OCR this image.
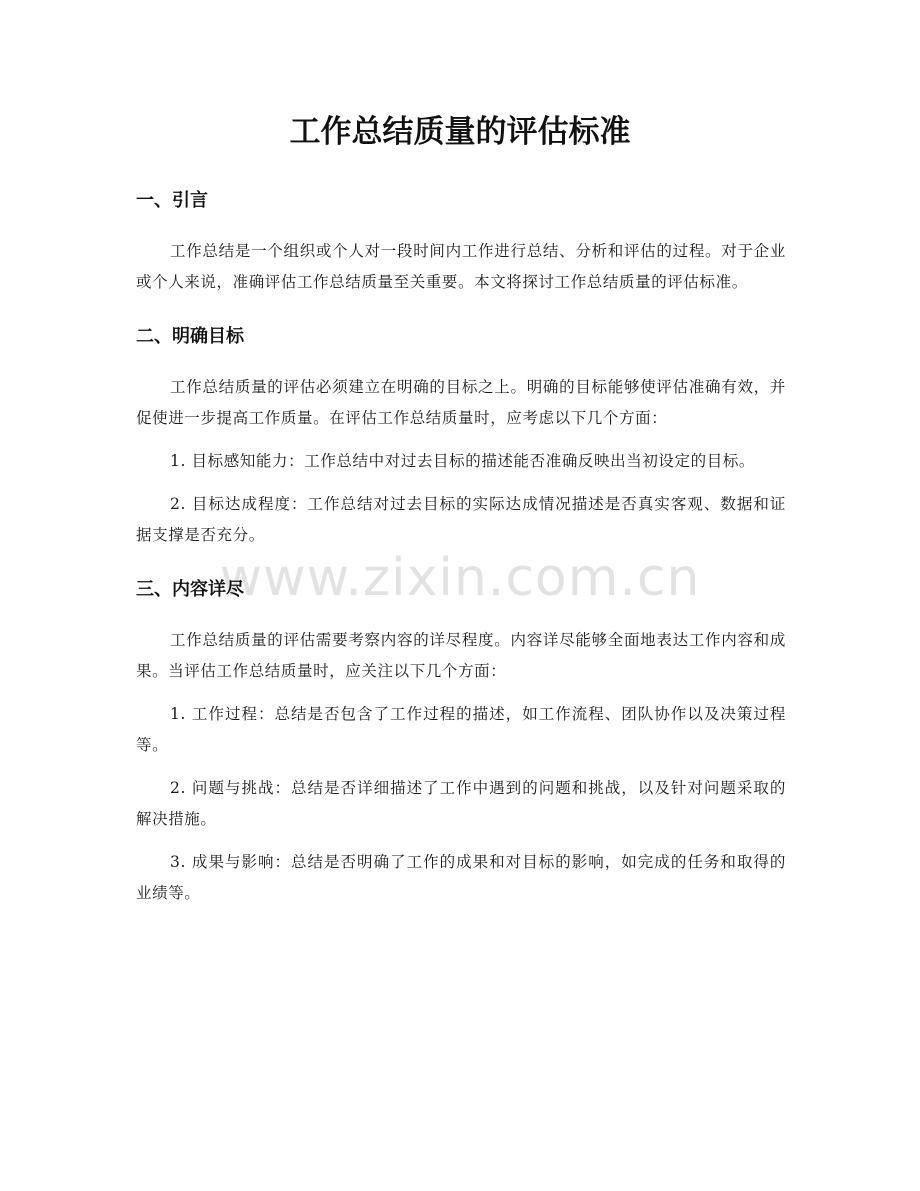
工作总结质量的评估标准
www.zixin.com.cn
一、引言

工作总结是一个组织或个人对一段时间内工作进行总结、分析和评估的过程。对于企业或个人来说，准确评估工作总结质量至关重要。本文将探讨工作总结质量的评估标准。

二、明确目标

工作总结质量的评估必须建立在明确的目标之上。明确的目标能够使评估准确有效，并促使进一步提高工作质量。在评估工作总结质量时，应考虑以下几个方面：

1. 目标感知能力：工作总结中对过去目标的描述能否准确反映出当初设定的目标。

2. 目标达成程度：工作总结对过去目标的实际达成情况描述是否真实客观、数据和证据支撑是否充分。

三、内容详尽

工作总结质量的评估需要考察内容的详尽程度。内容详尽能够全面地表达工作内容和成果。当评估工作总结质量时，应关注以下几个方面：

1. 工作过程：总结是否包含了工作过程的描述，如工作流程、团队协作以及决策过程等。

2. 问题与挑战：总结是否详细描述了工作中遇到的问题和挑战，以及针对问题采取的解决措施。

3. 成果与影响：总结是否明确了工作的成果和对目标的影响，如完成的任务和取得的业绩等。
